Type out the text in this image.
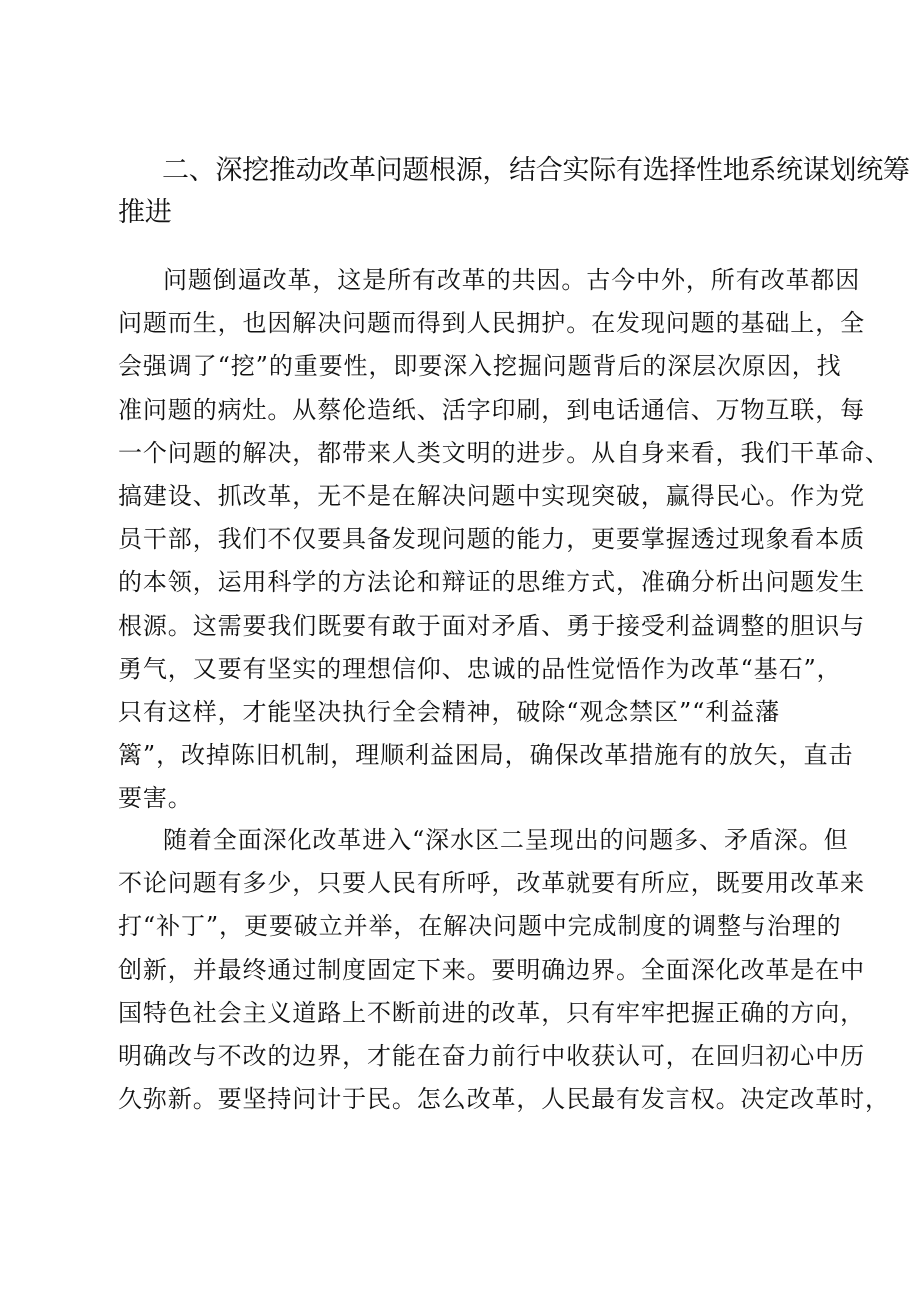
二、深挖推动改革问题根源，结合实际有选择性地系统谋划统筹
推进
问题倒逼改革，这是所有改革的共因。古今中外，所有改革都因
问题而生，也因解决问题而得到人民拥护。在发现问题的基础上，全
会强调了“挖”的重要性，即要深入挖掘问题背后的深层次原因，找
准问题的病灶。从蔡伦造纸、活字印刷，到电话通信、万物互联，每
一个问题的解决，都带来人类文明的进步。从自身来看，我们干革命、
搞建设、抓改革，无不是在解决问题中实现突破，赢得民心。作为党
员干部，我们不仅要具备发现问题的能力，更要掌握透过现象看本质
的本领，运用科学的方法论和辩证的思维方式，准确分析出问题发生
根源。这需要我们既要有敢于面对矛盾、勇于接受利益调整的胆识与
勇气，又要有坚实的理想信仰、忠诚的品性觉悟作为改革“基石”，
只有这样，才能坚决执行全会精神，破除“观念禁区”“利益藩
篱”，改掉陈旧机制，理顺利益困局，确保改革措施有的放矢，直击
要害。
随着全面深化改革进入“深水区二呈现出的问题多、矛盾深。但
不论问题有多少，只要人民有所呼，改革就要有所应，既要用改革来
打“补丁”，更要破立并举，在解决问题中完成制度的调整与治理的
创新，并最终通过制度固定下来。要明确边界。全面深化改革是在中
国特色社会主义道路上不断前进的改革，只有牢牢把握正确的方向，
明确改与不改的边界，才能在奋力前行中收获认可，在回归初心中历
久弥新。要坚持问计于民。怎么改革，人民最有发言权。决定改革时，
